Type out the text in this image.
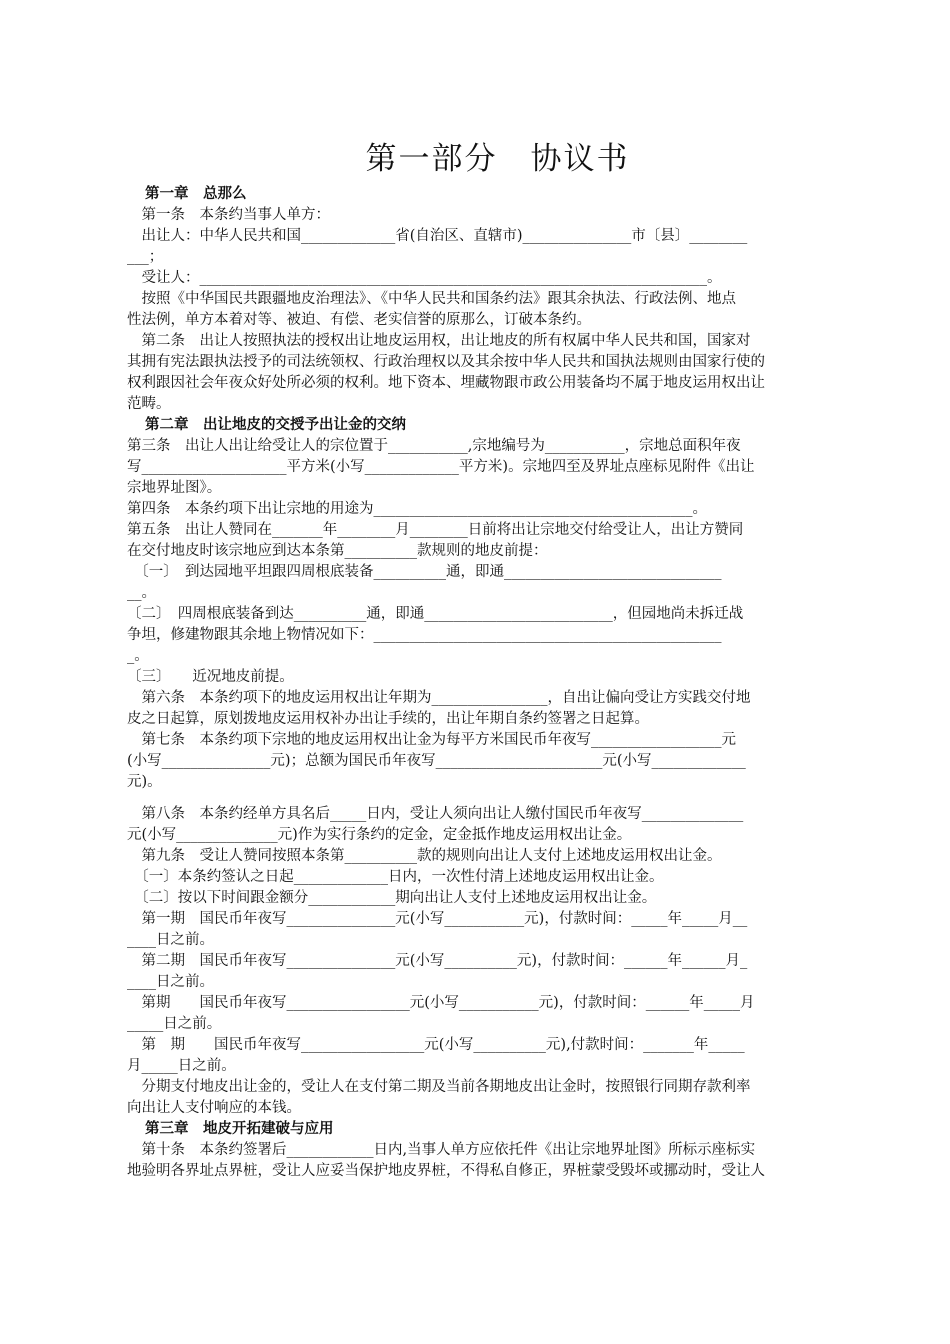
第一部分　协议书
第一章　总那么
　第一条　本条约当事人单方：
　出让人：中华人民共和国_____________省(自治区、直辖市)_______________市〔县〕________
___；
　受让人：______________________________________________________________________。
　按照《中华国民共跟疆地皮治理法》、《中华人民共和国条约法》跟其余执法、行政法例、地点
性法例，单方本着对等、被迫、有偿、老实信誉的原那么，订破本条约。
　第二条　出让人按照执法的授权出让地皮运用权，出让地皮的所有权属中华人民共和国，国家对
其拥有宪法跟执法授予的司法统领权、行政治理权以及其余按中华人民共和国执法规则由国家行使的
权利跟因社会年夜众好处所必须的权利。地下资本、埋藏物跟市政公用装备均不属于地皮运用权出让
范畴。
第二章　出让地皮的交授予出让金的交纳
第三条　出让人出让给受让人的宗位置于___________,宗地编号为___________，宗地总面积年夜
写____________________平方米(小写_____________平方米)。宗地四至及界址点座标见附件《出让
宗地界址图》。
第四条　本条约项下出让宗地的用途为____________________________________________。
第五条　出让人赞同在_______年________月________日前将出让宗地交付给受让人，出让方赞同
在交付地皮时该宗地应到达本条第__________款规则的地皮前提：
　〔一〕　到达园地平坦跟四周根底装备__________通，即通______________________________
__。
〔二〕　四周根底装备到达__________通，即通__________________________，但园地尚未拆迁战
争坦，修建物跟其余地上物情况如下：________________________________________________
_。
〔三〕　　近况地皮前提。
　第六条　本条约项下的地皮运用权出让年期为________________，自出让偏向受让方实践交付地
皮之日起算，原划拨地皮运用权补办出让手续的，出让年期自条约签署之日起算。
　第七条　本条约项下宗地的地皮运用权出让金为每平方米国民币年夜写__________________元
(小写_______________元)；总额为国民币年夜写_______________________元(小写_____________
元)。
　第八条　本条约经单方具名后_____日内，受让人须向出让人缴付国民币年夜写______________
元(小写______________元)作为实行条约的定金，定金抵作地皮运用权出让金。
　第九条　受让人赞同按照本条第__________款的规则向出让人支付上述地皮运用权出让金。
　〔一〕本条约签认之日起_____________日内，一次性付清上述地皮运用权出让金。
　〔二〕按以下时间跟金额分____________期向出让人支付上述地皮运用权出让金。
　第一期　国民币年夜写_______________元(小写___________元)，付款时间：_____年_____月__
____日之前。
　第二期　国民币年夜写_______________元(小写__________元)，付款时间：______年______月_
____日之前。
　第期　　国民币年夜写_________________元(小写___________元)，付款时间：______年_____月
_____日之前。
　第　期　　国民币年夜写_________________元(小写__________元),付款时间：_______年_____
月_____日之前。
　分期支付地皮出让金的，受让人在支付第二期及当前各期地皮出让金时，按照银行同期存款利率
向出让人支付响应的本钱。
第三章　地皮开拓建破与应用
　第十条　本条约签署后____________日内,当事人单方应依托件《出让宗地界址图》所标示座标实
地验明各界址点界桩，受让人应妥当保护地皮界桩，不得私自修正，界桩蒙受毁坏或挪动时，受让人
